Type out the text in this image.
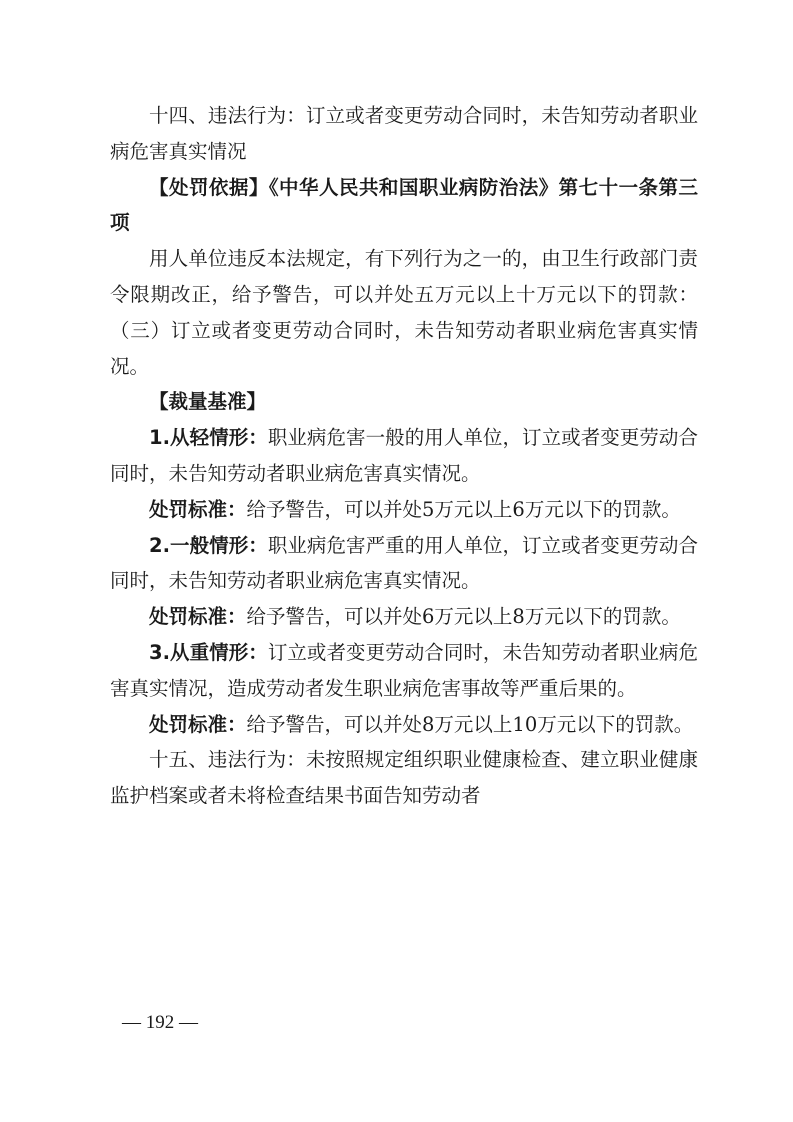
十四、违法行为：订立或者变更劳动合同时，未告知劳动者职业病危害真实情况

【处罚依据】《中华人民共和国职业病防治法》第七十一条第三项

用人单位违反本法规定，有下列行为之一的，由卫生行政部门责令限期改正，给予警告，可以并处五万元以上十万元以下的罚款：（三）订立或者变更劳动合同时，未告知劳动者职业病危害真实情况。

【裁量基准】

1.从轻情形：职业病危害一般的用人单位，订立或者变更劳动合同时，未告知劳动者职业病危害真实情况。

处罚标准：给予警告，可以并处5万元以上6万元以下的罚款。

2.一般情形：职业病危害严重的用人单位，订立或者变更劳动合同时，未告知劳动者职业病危害真实情况。

处罚标准：给予警告，可以并处6万元以上8万元以下的罚款。

3.从重情形：订立或者变更劳动合同时，未告知劳动者职业病危害真实情况，造成劳动者发生职业病危害事故等严重后果的。

处罚标准：给予警告，可以并处8万元以上10万元以下的罚款。

十五、违法行为：未按照规定组织职业健康检查、建立职业健康监护档案或者未将检查结果书面告知劳动者

— 192 —
